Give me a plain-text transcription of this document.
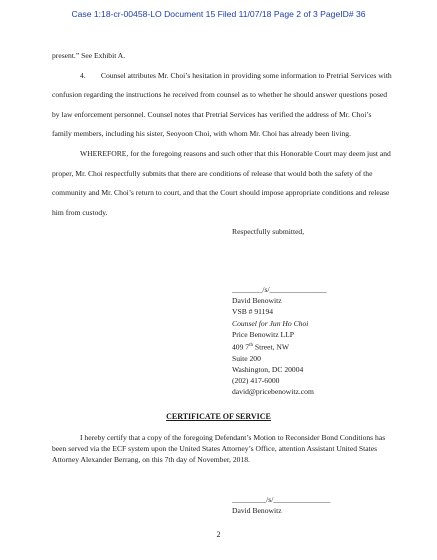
Case 1:18-cr-00458-LO Document 15 Filed 11/07/18 Page 2 of 3 PageID# 36

present.” See Exhibit A.

4.  Counsel attributes Mr. Choi’s hesitation in providing some information to Pretrial Services with confusion regarding the instructions he received from counsel as to whether he should answer questions posed by law enforcement personnel. Counsel notes that Pretrial Services has verified the address of Mr. Choi’s family members, including his sister, Seoyoon Choi, with whom Mr. Choi has already been living.

WHEREFORE, for the foregoing reasons and such other that this Honorable Court may deem just and proper, Mr. Choi respectfully submits that there are conditions of release that would both the safety of the community and Mr. Choi’s return to court, and that the Court should impose appropriate conditions and release him from custody.

Respectfully submitted,

________/s/_______________
David Benowitz
VSB # 91194
Counsel for Jun Ho Choi
Price Benowitz LLP
409 7th Street, NW
Suite 200
Washington, DC 20004
(202) 417-6000
david@pricebenowitz.com
CERTIFICATE OF SERVICE
I hereby certify that a copy of the foregoing Defendant’s Motion to Reconsider Bond Conditions has been served via the ECF system upon the United States Attorney’s Office, attention Assistant United States Attorney Alexander Berrang, on this 7th day of November, 2018.
_________/s/_______________
David Benowitz
2
